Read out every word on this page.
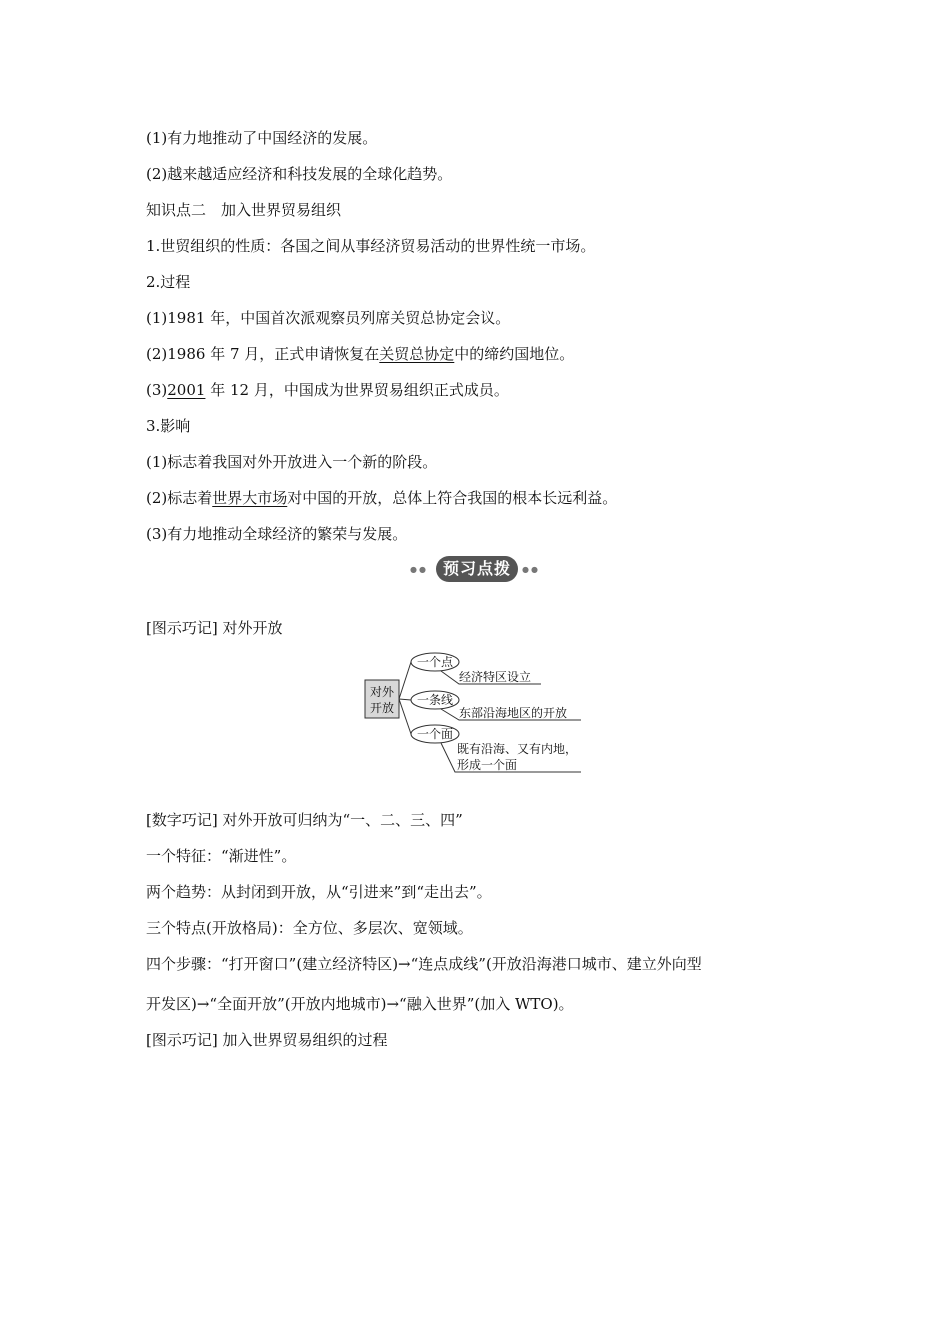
(1)有力地推动了中国经济的发展。
(2)越来越适应经济和科技发展的全球化趋势。
知识点二　加入世界贸易组织
1.世贸组织的性质：各国之间从事经济贸易活动的世界性统一市场。
2.过程
(1)1981 年，中国首次派观察员列席关贸总协定会议。
(2)1986 年 7 月，正式申请恢复在关贸总协定中的缔约国地位。
(3)2001 年 12 月，中国成为世界贸易组织正式成员。
3.影响
(1)标志着我国对外开放进入一个新的阶段。
(2)标志着世界大市场对中国的开放，总体上符合我国的根本长远利益。
(3)有力地推动全球经济的繁荣与发展。
●● 预习点拨	●●
[图示巧记] 对外开放
对外
开放
一个点
经济特区设立
一条线
东部沿海地区的开放
一个面
既有沿海、又有内地，
形成一个面
[数字巧记] 对外开放可归纳为“一、二、三、四”
一个特征：“渐进性”。
两个趋势：从封闭到开放，从“引进来”到“走出去”。
三个特点(开放格局)：全方位、多层次、宽领域。
四个步骤：“打开窗口”(建立经济特区)→“连点成线”(开放沿海港口城市、建立外向型
开发区)→“全面开放”(开放内地城市)→“融入世界”(加入 WTO)。
[图示巧记] 加入世界贸易组织的过程
